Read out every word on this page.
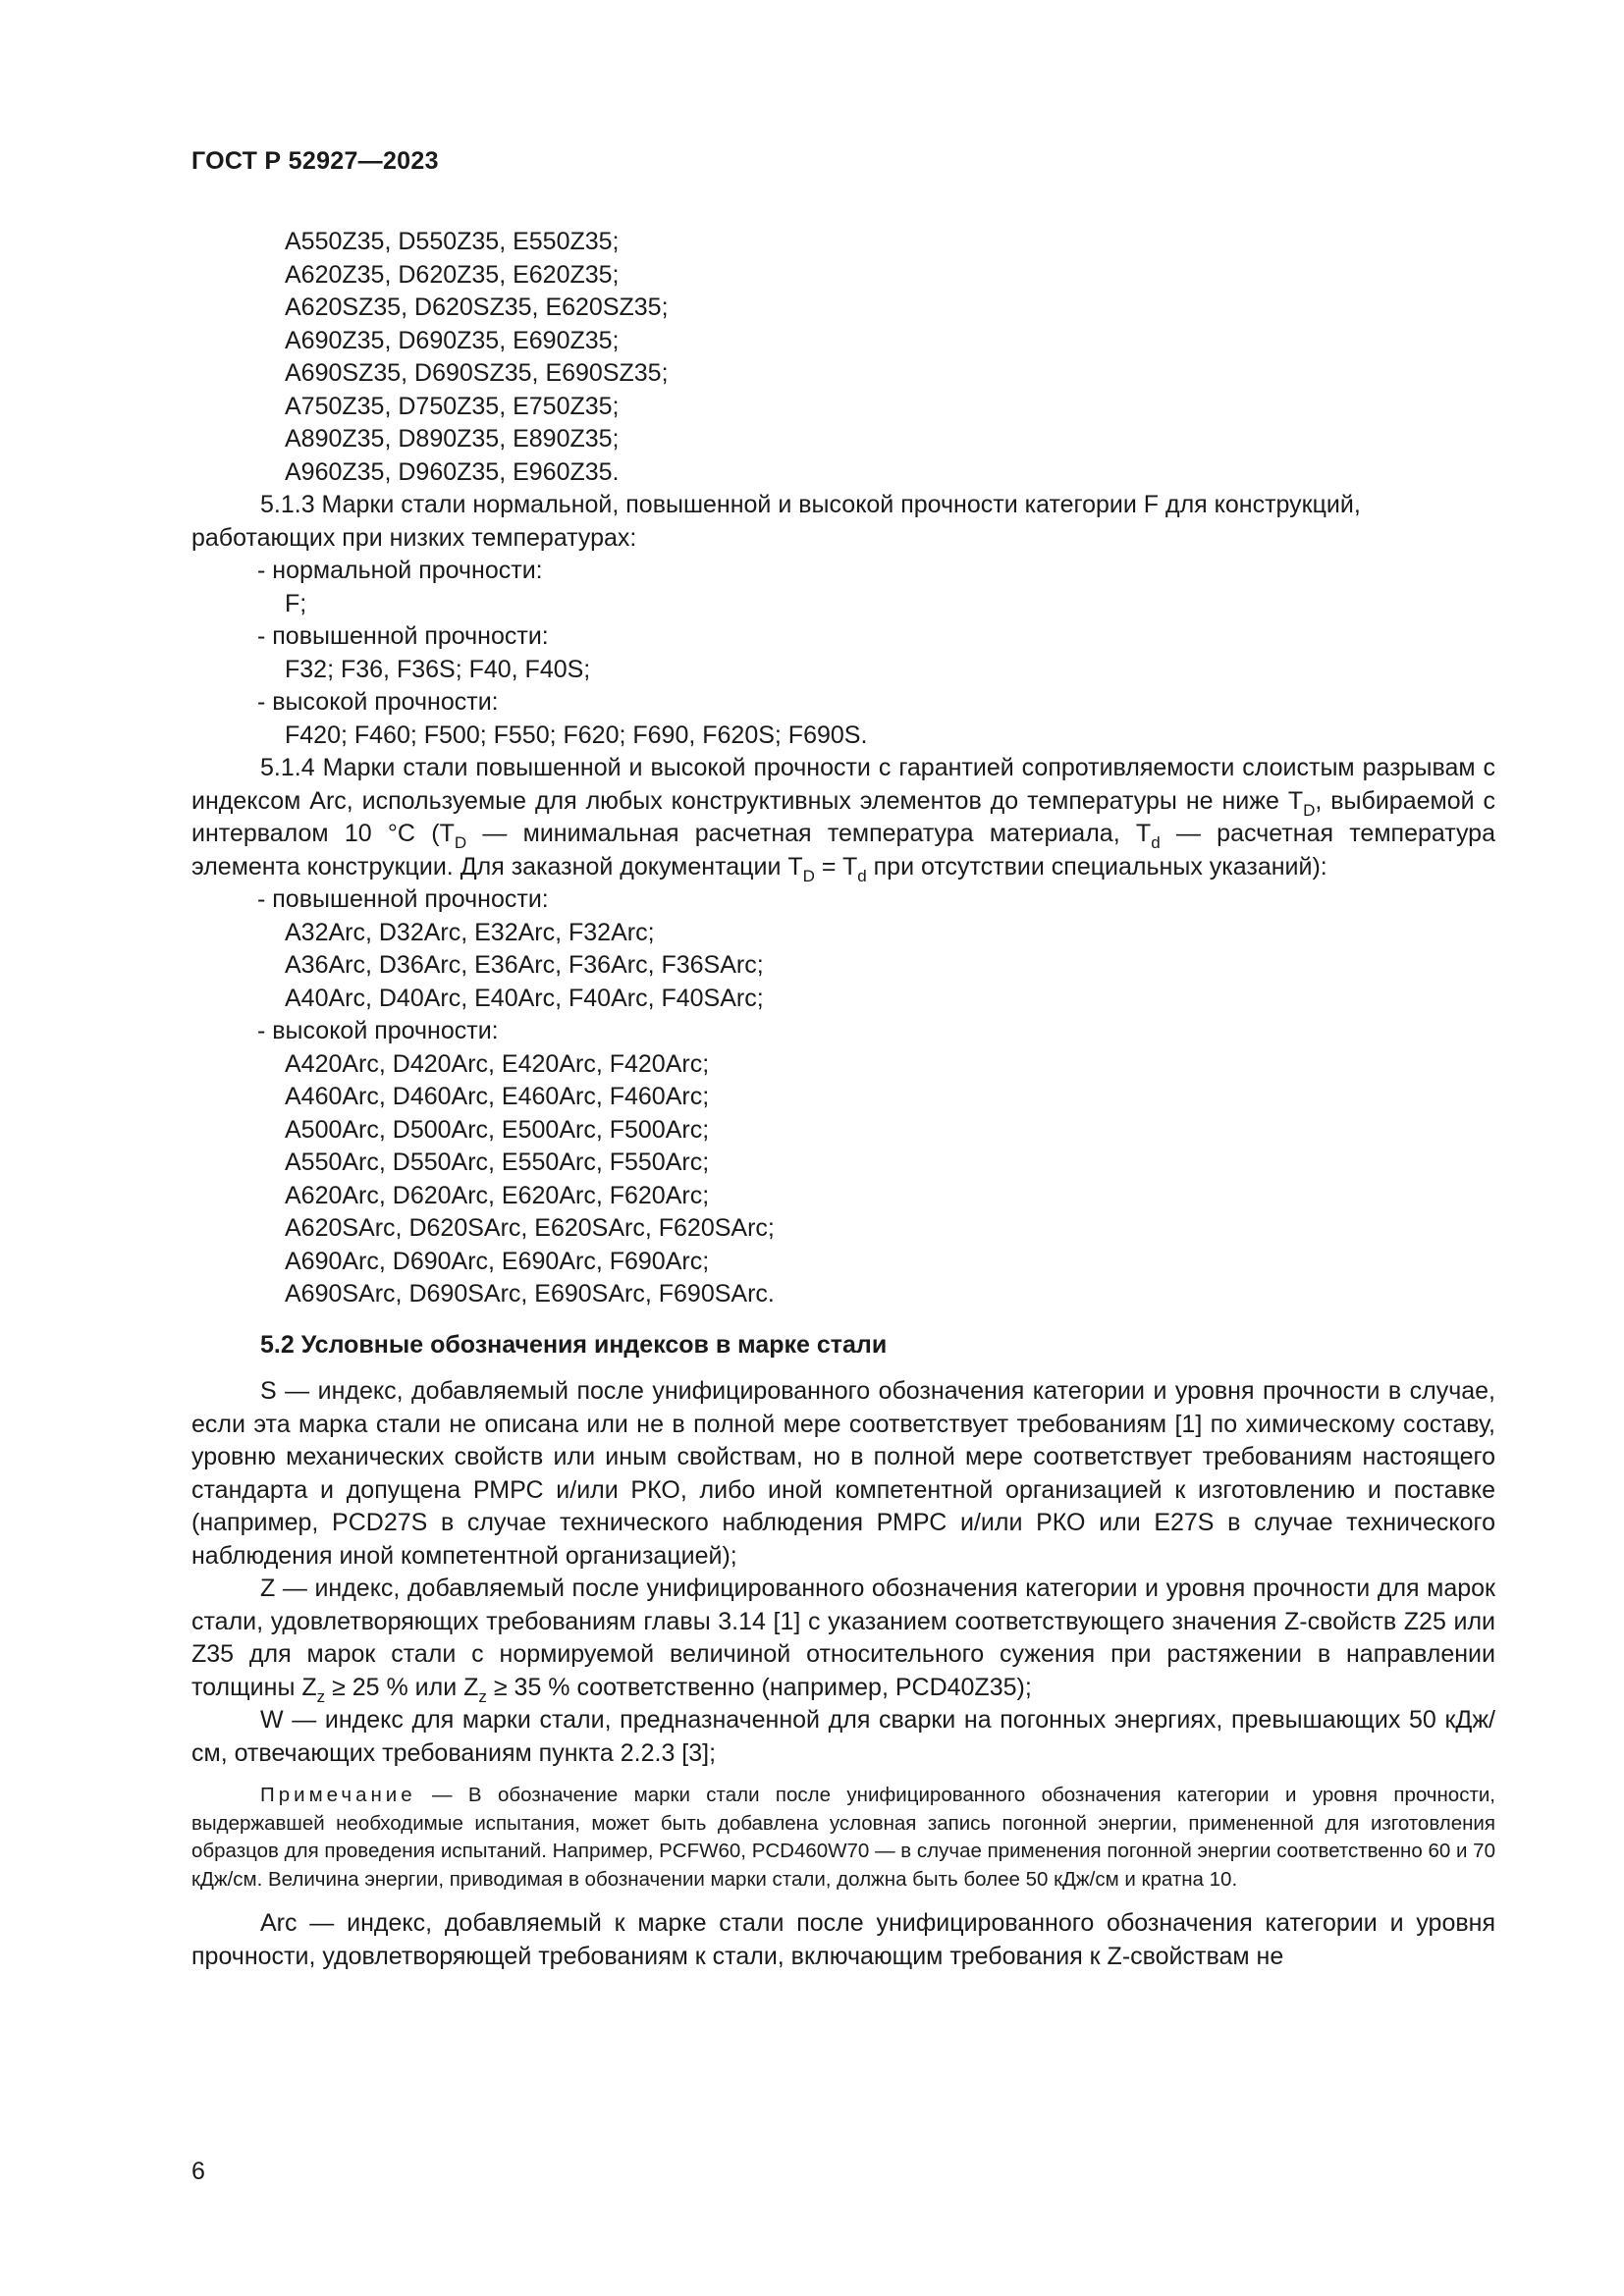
ГОСТ Р 52927—2023
A550Z35, D550Z35, E550Z35;
A620Z35, D620Z35, E620Z35;
A620SZ35, D620SZ35, E620SZ35;
A690Z35, D690Z35, E690Z35;
A690SZ35, D690SZ35, E690SZ35;
A750Z35, D750Z35, E750Z35;
A890Z35, D890Z35, E890Z35;
A960Z35, D960Z35, E960Z35.
5.1.3 Марки стали нормальной, повышенной и высокой прочности категории F для конструкций,
работающих при низких температурах:
- нормальной прочности:
F;
- повышенной прочности:
F32; F36, F36S; F40, F40S;
- высокой прочности:
F420; F460; F500; F550; F620; F690, F620S; F690S.
5.1.4 Марки стали повышенной и высокой прочности с гарантией сопротивляемости слоистым разрывам с индексом Arc, используемые для любых конструктивных элементов до температуры не ниже $T_D$, выбираемой с интервалом 10 °С ($T_D$ — минимальная расчетная температура материала, $T_d$ — расчетная температура элемента конструкции. Для заказной документации $T_D = T_d$ при отсутствии специальных указаний):
- повышенной прочности:
A32Arc, D32Arc, E32Arc, F32Arc;
A36Arc, D36Arc, E36Arc, F36Arc, F36SArc;
A40Arc, D40Arc, E40Arc, F40Arc, F40SArc;
- высокой прочности:
A420Arc, D420Arc, E420Arc, F420Arc;
A460Arc, D460Arc, E460Arc, F460Arc;
A500Arc, D500Arc, E500Arc, F500Arc;
A550Arc, D550Arc, E550Arc, F550Arc;
A620Arc, D620Arc, E620Arc, F620Arc;
A620SArc, D620SArc, E620SArc, F620SArc;
A690Arc, D690Arc, E690Arc, F690Arc;
A690SArc, D690SArc, E690SArc, F690SArc.
5.2 Условные обозначения индексов в марке стали
S — индекс, добавляемый после унифицированного обозначения категории и уровня прочности в случае, если эта марка стали не описана или не в полной мере соответствует требованиям [1] по химическому составу, уровню механических свойств или иным свойствам, но в полной мере соответствует требованиям настоящего стандарта и допущена РМРС и/или РКО, либо иной компетентной организацией к изготовлению и поставке (например, PCD27S в случае технического наблюдения РМРС и/или РКО или E27S в случае технического наблюдения иной компетентной организацией);
Z — индекс, добавляемый после унифицированного обозначения категории и уровня прочности для марок стали, удовлетворяющих требованиям главы 3.14 [1] с указанием соответствующего значения Z-свойств Z25 или Z35 для марок стали с нормируемой величиной относительного сужения при растяжении в направлении толщины $Z_z \ge 25$ % или $Z_z \ge 35$ % соответственно (например, PCD40Z35);
W — индекс для марки стали, предназначенной для сварки на погонных энергиях, превышающих 50 кДж/см, отвечающих требованиям пункта 2.2.3 [3];
Примечание — В обозначение марки стали после унифицированного обозначения категории и уровня прочности, выдержавшей необходимые испытания, может быть добавлена условная запись погонной энергии, примененной для изготовления образцов для проведения испытаний. Например, PCFW60, PCD460W70 — в случае применения погонной энергии соответственно 60 и 70 кДж/см. Величина энергии, приводимая в обозначении марки стали, должна быть более 50 кДж/см и кратна 10.
Arc — индекс, добавляемый к марке стали после унифицированного обозначения категории и уровня прочности, удовлетворяющей требованиям к стали, включающим требования к Z-свойствам не
6
